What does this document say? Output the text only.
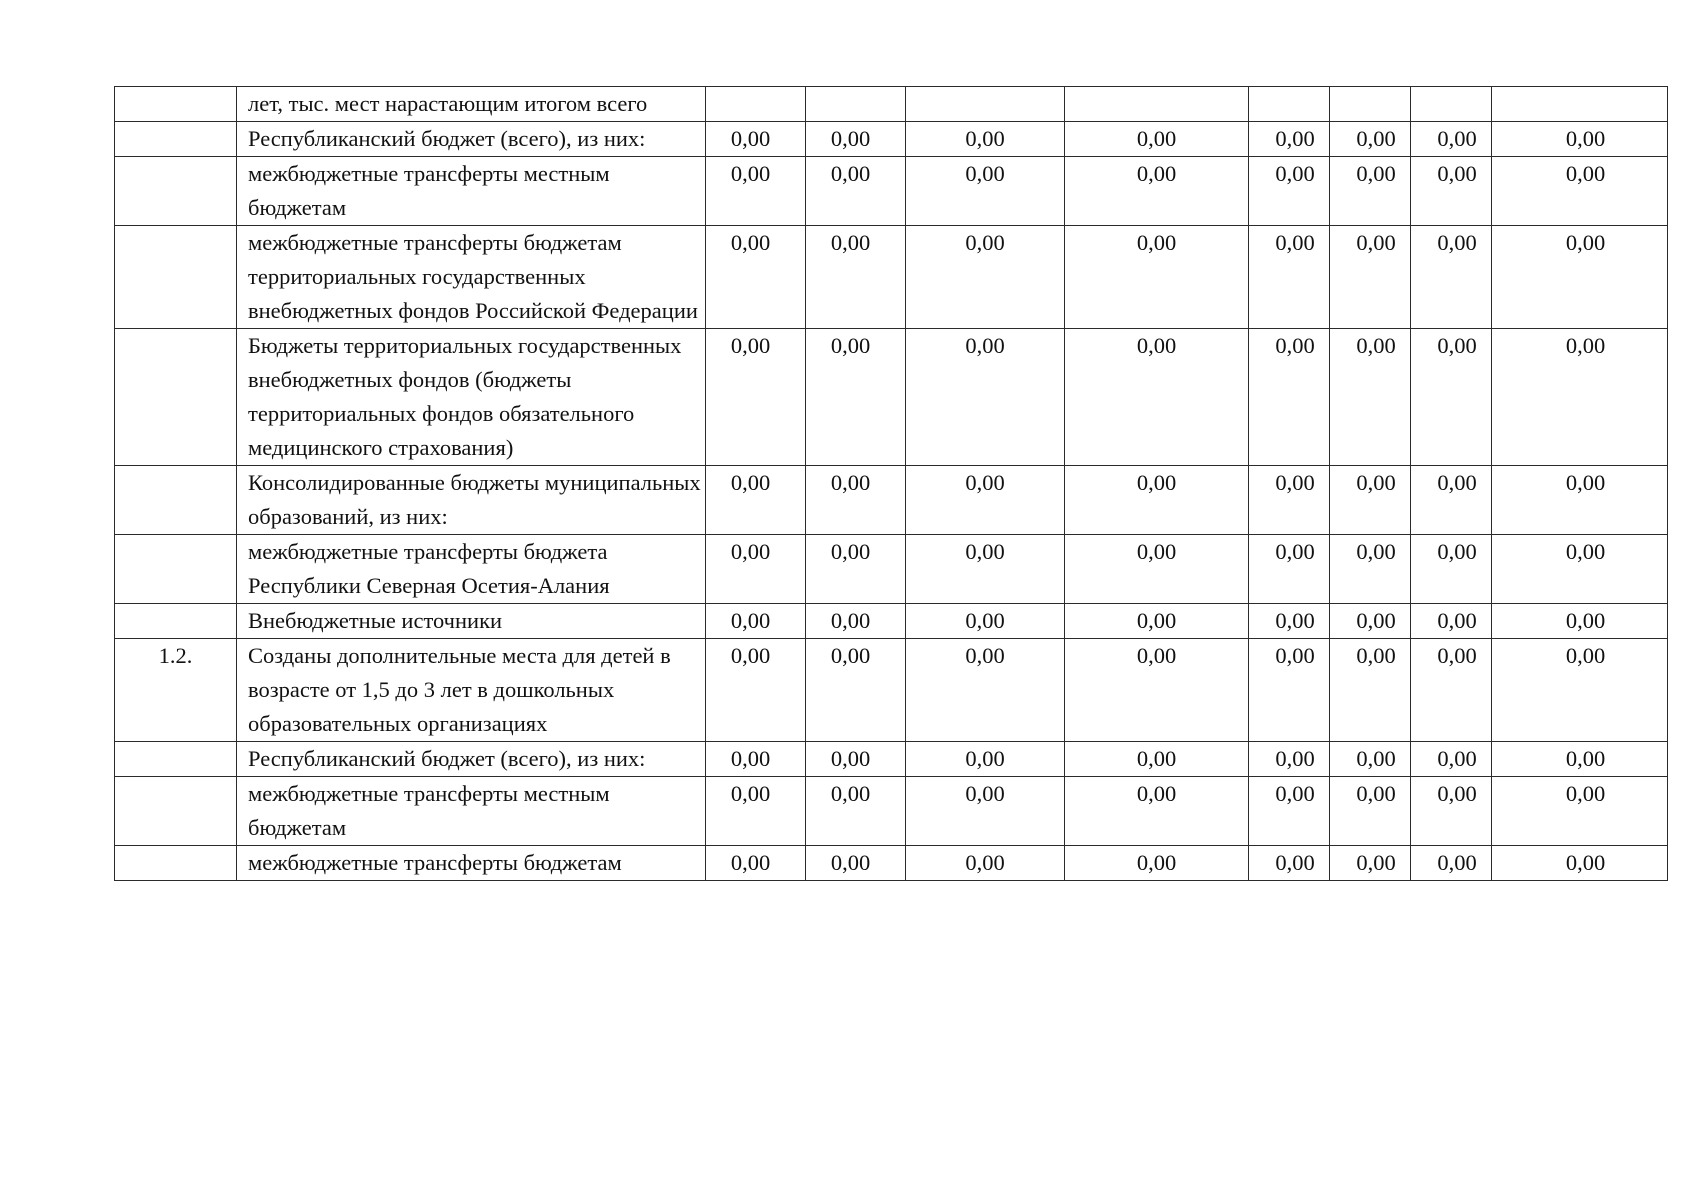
	лет, тыс. мест нарастающим итогом всего								

	Республиканский бюджет (всего), из них:	0,00	0,00	0,00	0,00	0,00	0,00	0,00	0,00

	межбюджетные трансферты местным бюджетам	0,00	0,00	0,00	0,00	0,00	0,00	0,00	0,00

	межбюджетные трансферты бюджетам территориальных государственных внебюджетных фондов Российской Федерации	0,00	0,00	0,00	0,00	0,00	0,00	0,00	0,00

	Бюджеты территориальных государственных внебюджетных фондов (бюджеты территориальных фондов обязательного медицинского страхования)	0,00	0,00	0,00	0,00	0,00	0,00	0,00	0,00

	Консолидированные бюджеты муниципальных образований, из них:	0,00	0,00	0,00	0,00	0,00	0,00	0,00	0,00

	межбюджетные трансферты бюджета Республики Северная Осетия-Алания	0,00	0,00	0,00	0,00	0,00	0,00	0,00	0,00

	Внебюджетные источники	0,00	0,00	0,00	0,00	0,00	0,00	0,00	0,00

1.2.	Созданы дополнительные места для детей в возрасте от 1,5 до 3 лет в дошкольных образовательных организациях	0,00	0,00	0,00	0,00	0,00	0,00	0,00	0,00

	Республиканский бюджет (всего), из них:	0,00	0,00	0,00	0,00	0,00	0,00	0,00	0,00

	межбюджетные трансферты местным бюджетам	0,00	0,00	0,00	0,00	0,00	0,00	0,00	0,00

	межбюджетные трансферты бюджетам	0,00	0,00	0,00	0,00	0,00	0,00	0,00	0,00
